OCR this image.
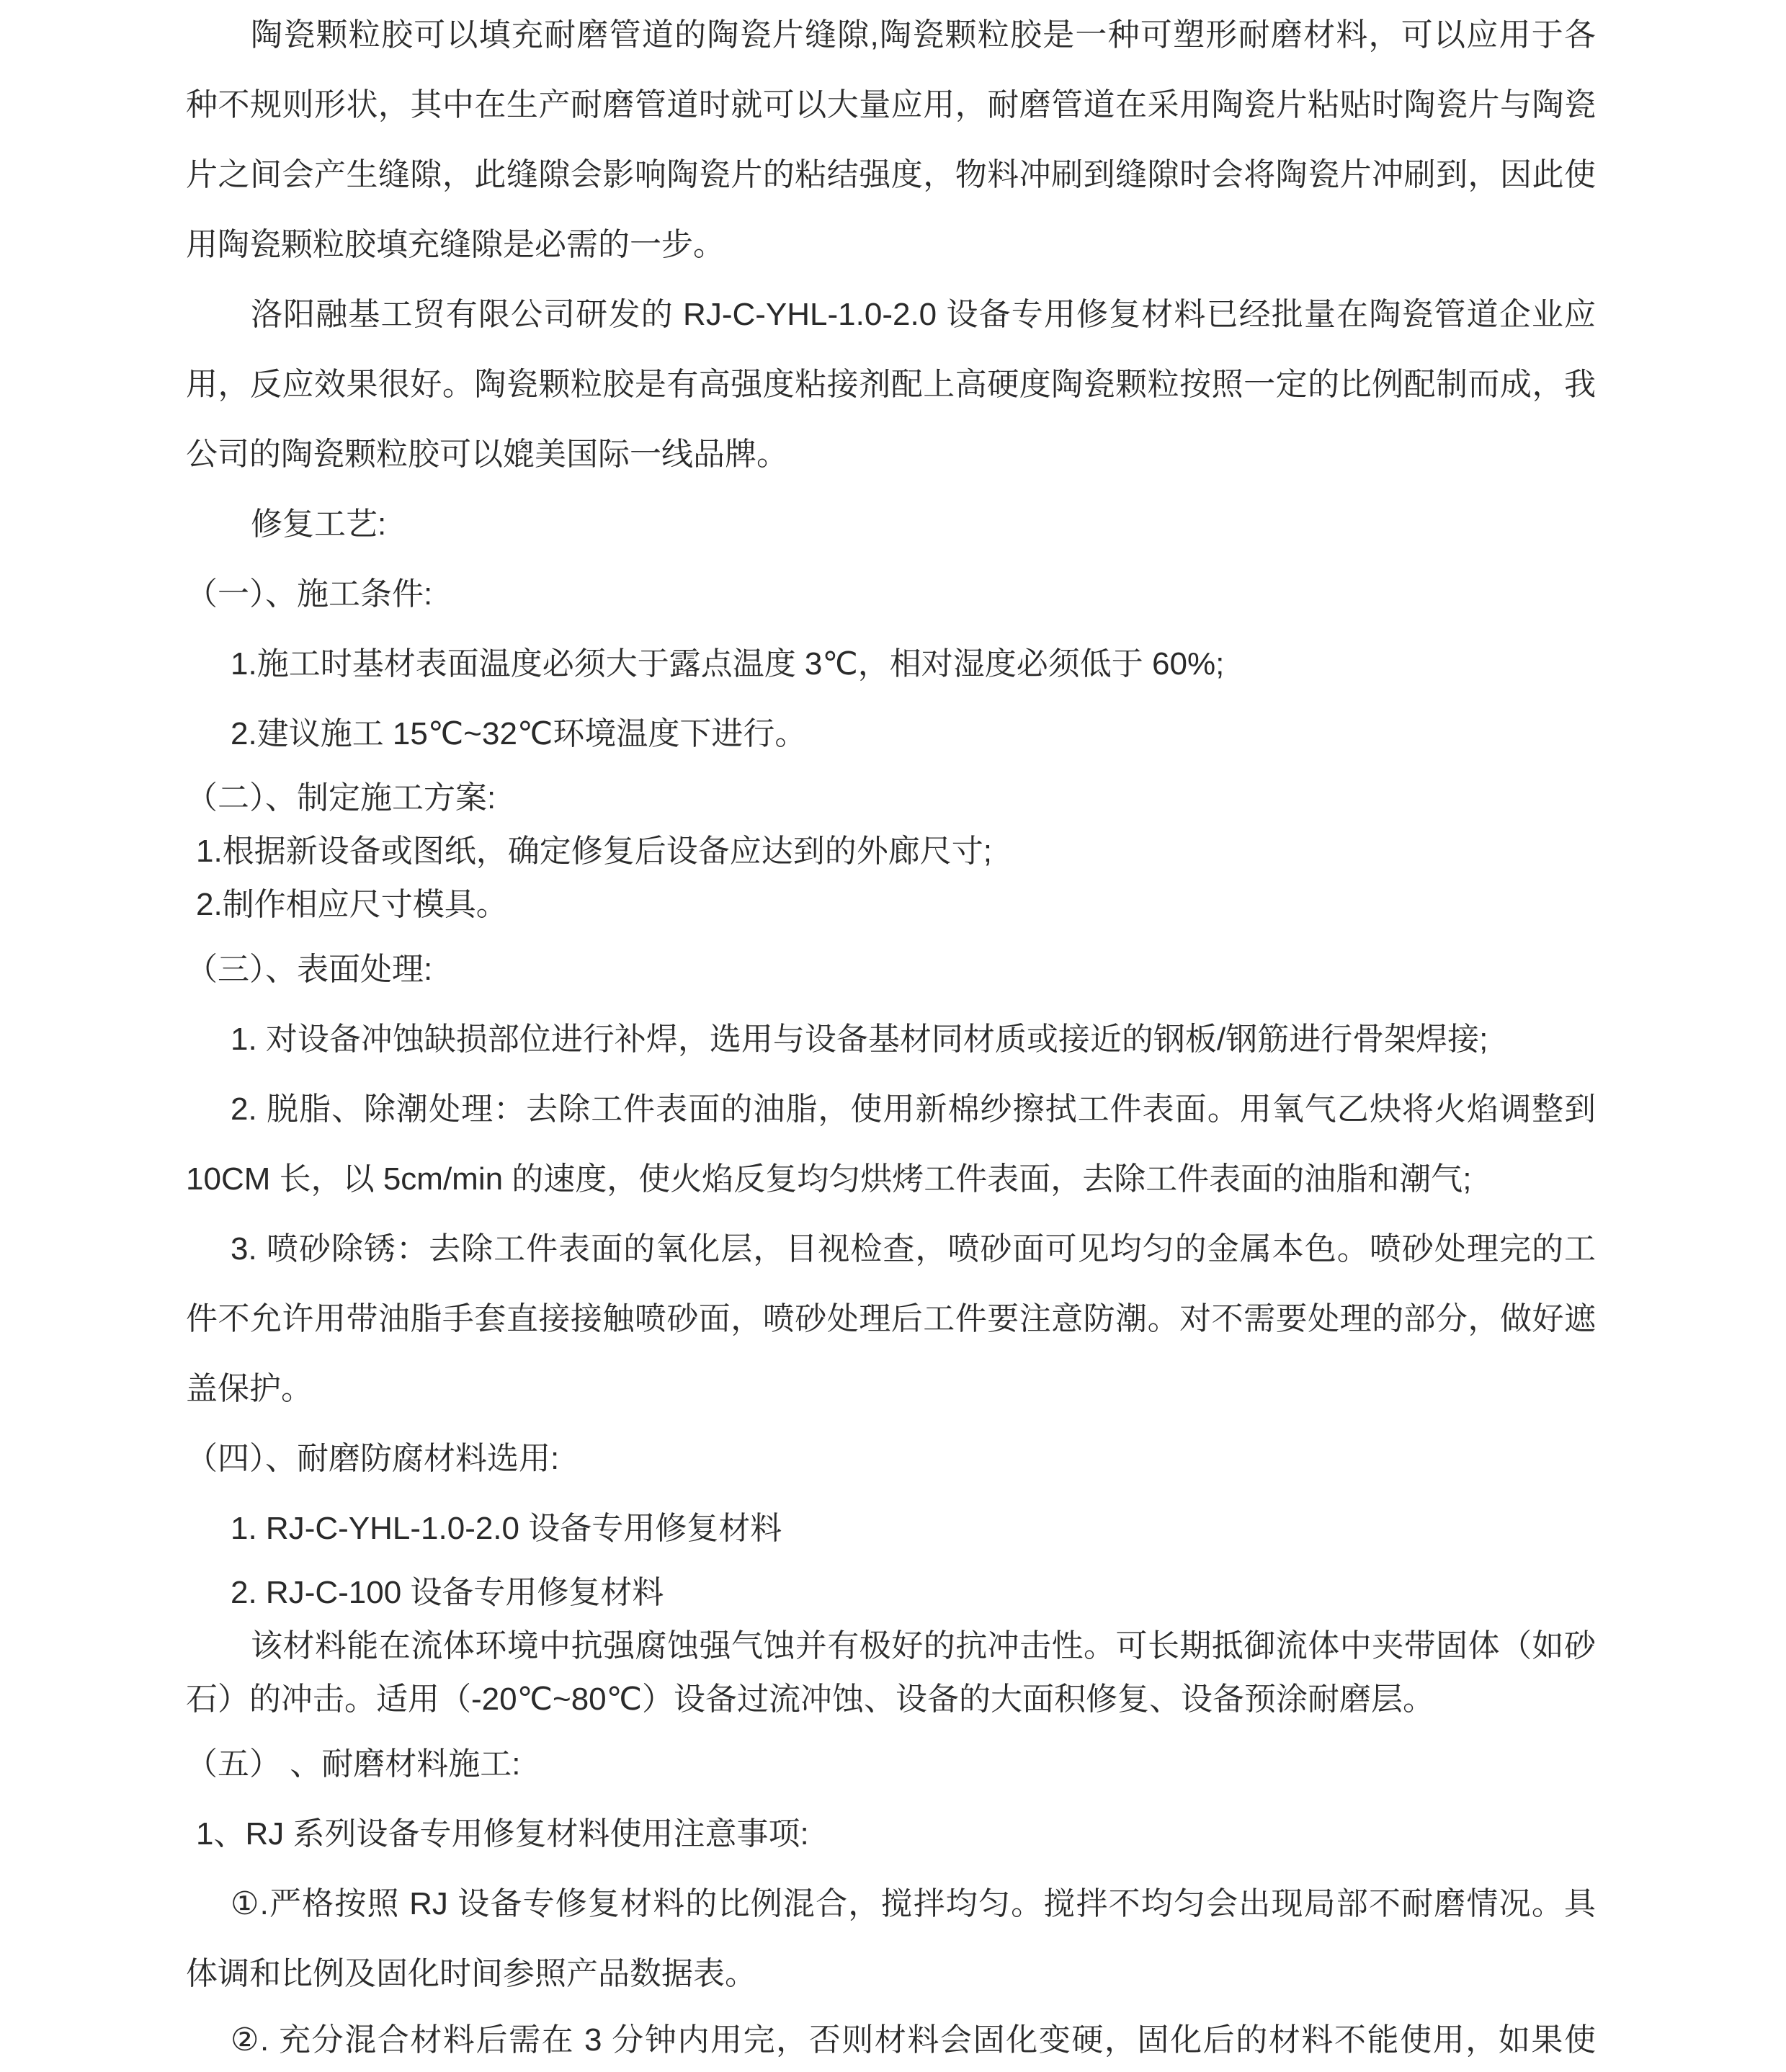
陶瓷颗粒胶可以填充耐磨管道的陶瓷片缝隙,陶瓷颗粒胶是一种可塑形耐磨材料，可以应用于各
种不规则形状，其中在生产耐磨管道时就可以大量应用，耐磨管道在采用陶瓷片粘贴时陶瓷片与陶瓷
片之间会产生缝隙，此缝隙会影响陶瓷片的粘结强度，物料冲刷到缝隙时会将陶瓷片冲刷到，因此使
用陶瓷颗粒胶填充缝隙是必需的一步。
洛阳融基工贸有限公司研发的 RJ-C-YHL-1.0-2.0 设备专用修复材料已经批量在陶瓷管道企业应
用，反应效果很好。陶瓷颗粒胶是有高强度粘接剂配上高硬度陶瓷颗粒按照一定的比例配制而成，我
公司的陶瓷颗粒胶可以媲美国际一线品牌。
修复工艺:
（一）、施工条件:
1.施工时基材表面温度必须大于露点温度 3℃，相对湿度必须低于 60%;
2.建议施工 15℃~32℃环境温度下进行。
（二）、制定施工方案:
1.根据新设备或图纸，确定修复后设备应达到的外廊尺寸;
2.制作相应尺寸模具。
（三）、表面处理:
1. 对设备冲蚀缺损部位进行补焊，选用与设备基材同材质或接近的钢板/钢筋进行骨架焊接;
2. 脱脂、除潮处理：去除工件表面的油脂，使用新棉纱擦拭工件表面。用氧气乙炔将火焰调整到
10CM 长，以 5cm/min 的速度，使火焰反复均匀烘烤工件表面，去除工件表面的油脂和潮气;
3. 喷砂除锈：去除工件表面的氧化层，目视检查，喷砂面可见均匀的金属本色。喷砂处理完的工
件不允许用带油脂手套直接接触喷砂面，喷砂处理后工件要注意防潮。对不需要处理的部分，做好遮
盖保护。
（四）、耐磨防腐材料选用:
1. RJ-C-YHL-1.0-2.0 设备专用修复材料
2. RJ-C-100 设备专用修复材料
该材料能在流体环境中抗强腐蚀强气蚀并有极好的抗冲击性。可长期抵御流体中夹带固体（如砂
石）的冲击。适用（-20℃~80℃）设备过流冲蚀、设备的大面积修复、设备预涂耐磨层。
（五） 、耐磨材料施工:
1、RJ 系列设备专用修复材料使用注意事项:
①.严格按照 RJ 设备专修复材料的比例混合，搅拌均匀。搅拌不均匀会出现局部不耐磨情况。具
体调和比例及固化时间参照产品数据表。
②. 充分混合材料后需在 3 分钟内用完，否则材料会固化变硬，固化后的材料不能使用，如果使
